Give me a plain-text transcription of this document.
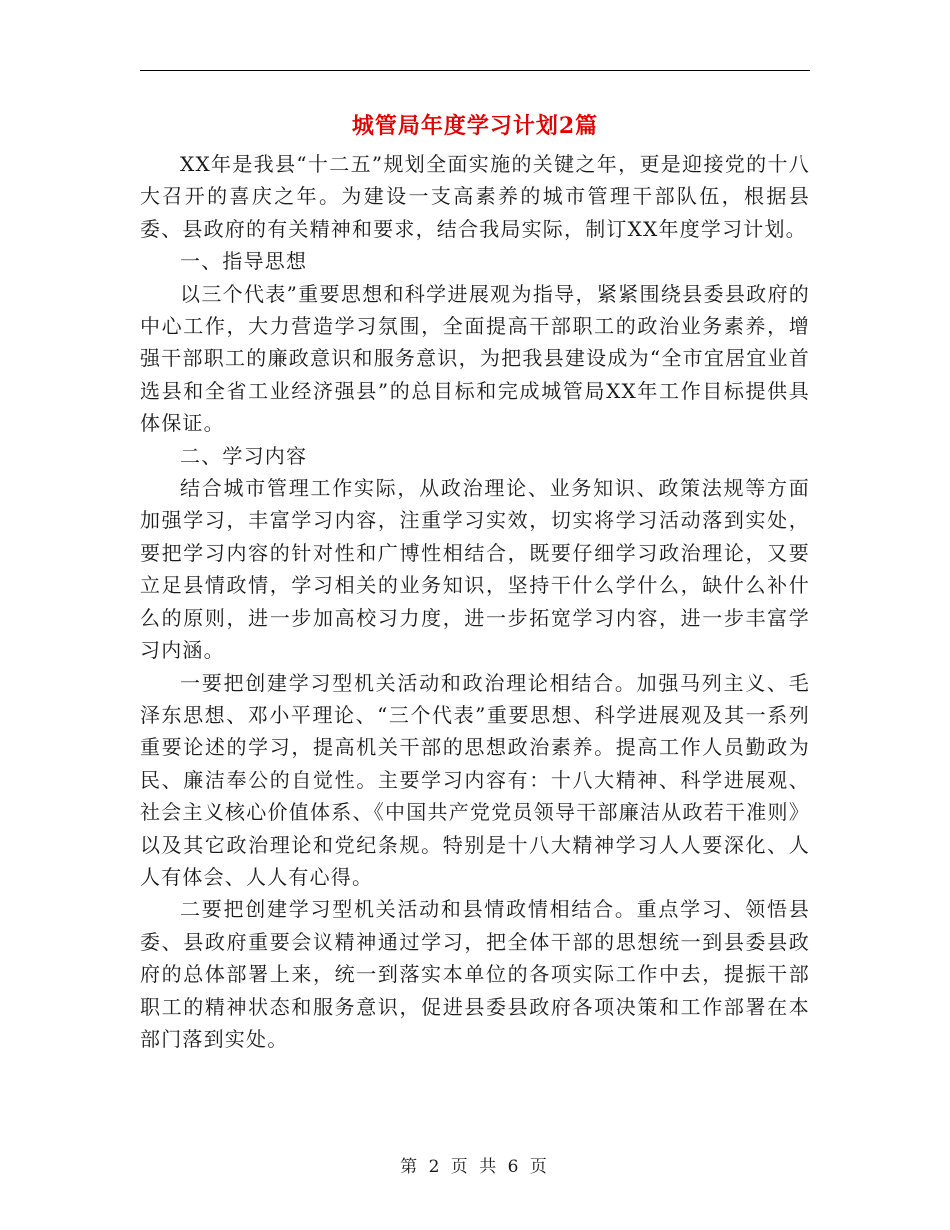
城管局年度学习计划2篇

XX年是我县“十二五”规划全面实施的关键之年，更是迎接党的十八大召开的喜庆之年。为建设一支高素养的城市管理干部队伍，根据县委、县政府的有关精神和要求，结合我局实际，制订XX年度学习计划。

一、指导思想

以三个代表”重要思想和科学进展观为指导，紧紧围绕县委县政府的中心工作，大力营造学习氛围，全面提高干部职工的政治业务素养，增强干部职工的廉政意识和服务意识，为把我县建设成为“全市宜居宜业首选县和全省工业经济强县”的总目标和完成城管局XX年工作目标提供具体保证。

二、学习内容

结合城市管理工作实际，从政治理论、业务知识、政策法规等方面加强学习，丰富学习内容，注重学习实效，切实将学习活动落到实处，要把学习内容的针对性和广博性相结合，既要仔细学习政治理论，又要立足县情政情，学习相关的业务知识，坚持干什么学什么，缺什么补什么的原则，进一步加高校习力度，进一步拓宽学习内容，进一步丰富学习内涵。

一要把创建学习型机关活动和政治理论相结合。加强马列主义、毛泽东思想、邓小平理论、“三个代表”重要思想、科学进展观及其一系列重要论述的学习，提高机关干部的思想政治素养。提高工作人员勤政为民、廉洁奉公的自觉性。主要学习内容有：十八大精神、科学进展观、社会主义核心价值体系、《中国共产党党员领导干部廉洁从政若干准则》以及其它政治理论和党纪条规。特别是十八大精神学习人人要深化、人人有体会、人人有心得。

二要把创建学习型机关活动和县情政情相结合。重点学习、领悟县委、县政府重要会议精神通过学习，把全体干部的思想统一到县委县政府的总体部署上来，统一到落实本单位的各项实际工作中去，提振干部职工的精神状态和服务意识，促进县委县政府各项决策和工作部署在本部门落到实处。

第 2 页 共 6 页
